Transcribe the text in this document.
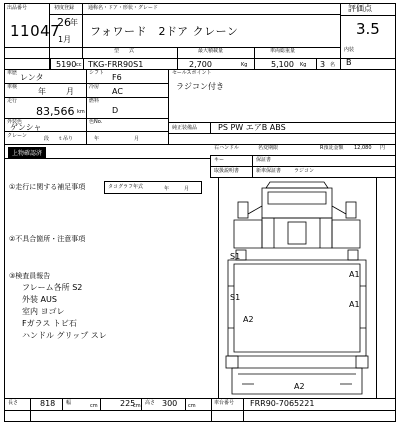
出品番号
11047
初度登録
26 年
1月
通称名・ドア・形状・グレード
フォワード　2ドア クレーン
評価点
3.5
内装
B
型　　式	最大積載量	車両総重量
5190 cc TKG-FRR90S1	2,700	Kg	5,100 Kg 3 名
車歴 レンタ	シフト F6
車検	年	月	冷房 AC
走行
83,566 km
燃料
D
外装色
ゲンシャ
色No.
クレーン	段 ｔ吊り	年	月
セールスポイント
ラジコン付き
純正装備品	PS PW エアB ABS
上物確認済
右ハンドル	名変期限	R預託金額 12,080 円
キー	保証書
取扱説明書	新車保証書	ラジコン
①走行に関する補足事項	タコグラフ年式	年	月
②不具合箇所・注意事項
③検査員報告
フレーム各所 S2
外装 AUS
室内 ヨゴレ
Fガラス トビ石
ハンドル グリップ スレ
S1
A1
S1
A1
A2
A2
長さ	818	cm
幅	225
cm 高さ 300 cm	車台番号 FRR90-7065221
